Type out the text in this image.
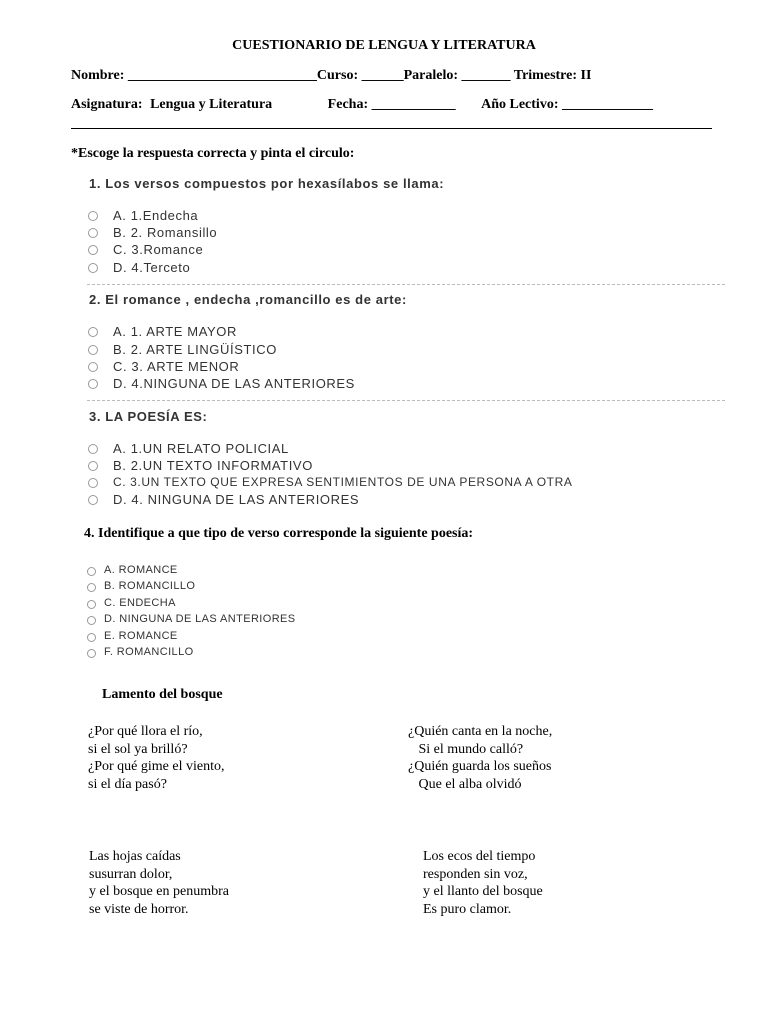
CUESTIONARIO DE LENGUA Y LITERATURA
Nombre: ___________________________Curso: ______Paralelo: _______ Trimestre: II
Asignatura: Lengua y Literatura	Fecha: ____________ Año Lectivo: _____________
*Escoge la respuesta correcta y pinta el circulo:
1. Los versos compuestos por hexasílabos se llama:
A. 1.Endecha
B. 2. Romansillo
C. 3.Romance
D. 4.Terceto
2. El romance , endecha ,romancillo es de arte:
A. 1. ARTE MAYOR
B. 2. ARTE LINGÜÍSTICO
C. 3. ARTE MENOR
D. 4.NINGUNA DE LAS ANTERIORES
3. LA POESÍA ES:
A. 1.UN RELATO POLICIAL
B. 2.UN TEXTO INFORMATIVO
C. 3.UN TEXTO QUE EXPRESA SENTIMIENTOS DE UNA PERSONA A OTRA
D. 4. NINGUNA DE LAS ANTERIORES
4. Identifique a que tipo de verso corresponde la siguiente poesía:
A. ROMANCE
B. ROMANCILLO
C. ENDECHA
D. NINGUNA DE LAS ANTERIORES
E. ROMANCE
F. ROMANCILLO
Lamento del bosque
¿Por qué llora el río,
si el sol ya brilló?
¿Por qué gime el viento,
si el día pasó?
¿Quién canta en la noche,
Si el mundo calló?
¿Quién guarda los sueños
Que el alba olvidó
Las hojas caídas
susurran dolor,
y el bosque en penumbra
se viste de horror.
Los ecos del tiempo
responden sin voz,
y el llanto del bosque
Es puro clamor.
